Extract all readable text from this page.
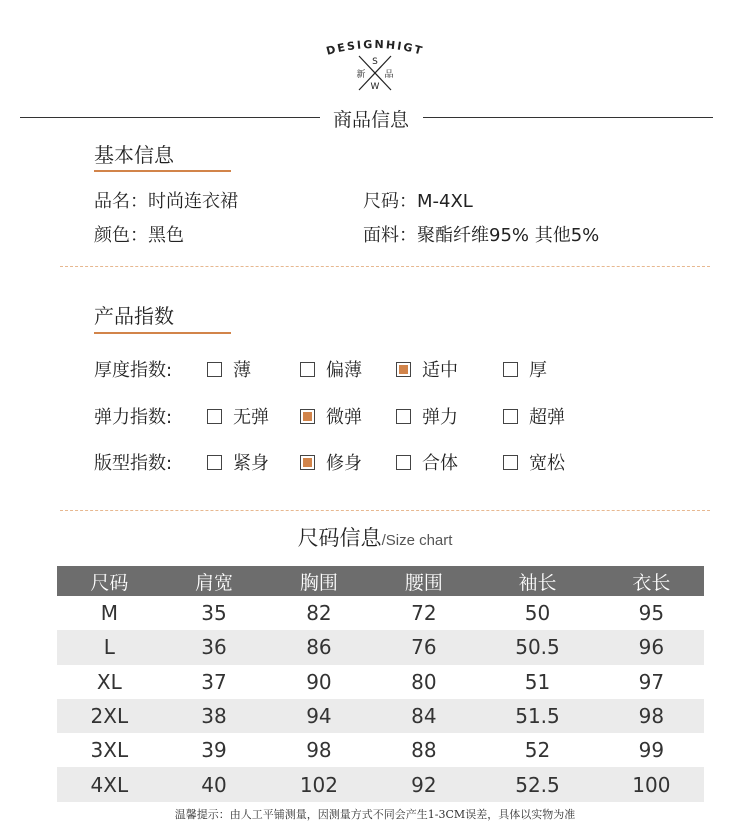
DESIGNHIGT
S
W
新 品
商品信息
基本信息
品名：时尚连衣裙	尺码：M-4XL
颜色：黑色	面料：聚酯纤维95% 其他5%
产品指数
厚度指数:	薄	偏薄	适中	厚
弹力指数:	无弹	微弹	弹力	超弹
版型指数:	紧身	修身	合体	宽松
尺码信息/Size chart
尺码	肩宽	胸围	腰围	袖长	衣长
M	35	82	72	50	95
L	36	86	76	50.5	96
XL	37	90	80	51	97
2XL	38	94	84	51.5	98
3XL	39	98	88	52	99
4XL	40	102	92	52.5	100
温馨提示：由人工平铺测量，因测量方式不同会产生1-3CM误差，具体以实物为准
